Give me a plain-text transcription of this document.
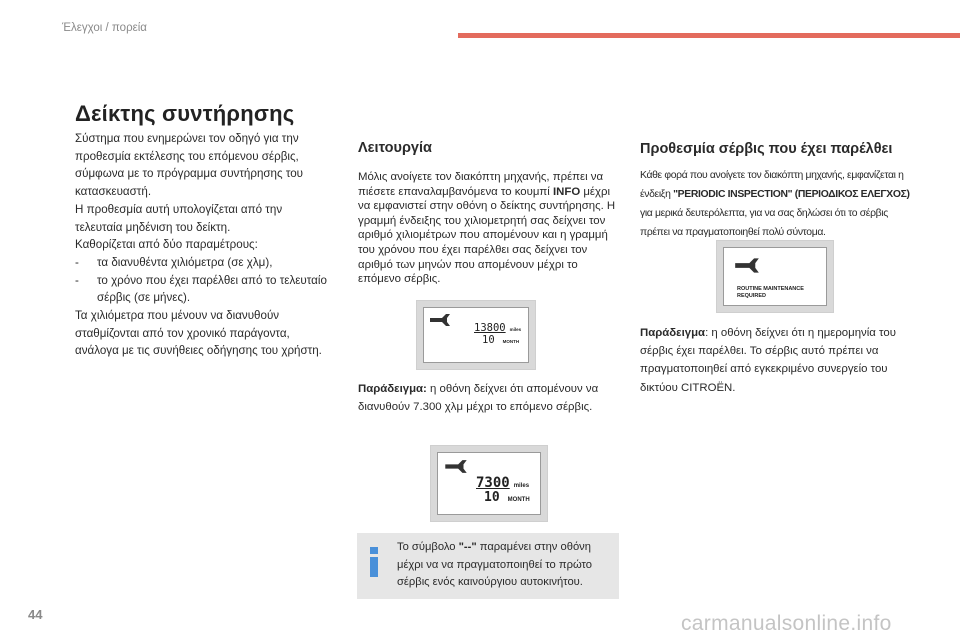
Έλεγχοι / πορεία
Δείκτης συντήρησης

Σύστημα που ενημερώνει τον οδηγό για την προθεσμία εκτέλεσης του επόμενου σέρβις, σύμφωνα με το πρόγραμμα συντήρησης του κατασκευαστή.

Η προθεσμία αυτή υπολογίζεται από την τελευταία μηδένιση του δείκτη.

Καθορίζεται από δύο παραμέτρους:

-	τα διανυθέντα χιλιόμετρα (σε χλμ),
-	το χρόνο που έχει παρέλθει από το τελευταίο σέρβις (σε μήνες).

Τα χιλιόμετρα που μένουν να διανυθούν σταθμίζονται από τον χρονικό παράγοντα, ανάλογα με τις συνήθειες οδήγησης του χρήστη.

Λειτουργία
Μόλις ανοίγετε τον διακόπτη μηχανής, πρέπει να πιέσετε επαναλαμβανόμενα το κουμπί INFO μέχρι να εμφανιστεί στην οθόνη ο δείκτης συντήρησης. Η γραμμή ένδειξης του χιλιομετρητή σας δείχνει τον αριθμό χιλιομέτρων που απομένουν και η γραμμή του χρόνου που έχει παρέλθει σας δείχνει τον αριθμό των μηνών που απομένουν μέχρι το επόμενο σέρβις.
13800 miles
10 MONTH
Παράδειγμα: η οθόνη δείχνει ότι απομένουν να διανυθούν 7.300 χλμ μέχρι το επόμενο σέρβις.
7300 miles
10 MONTH
Το σύμβολο "--" παραμένει στην οθόνη μέχρι να να πραγματοποιηθεί το πρώτο σέρβις ενός καινούργιου αυτοκινήτου.
Προθεσμία σέρβις που έχει παρέλθει
Κάθε φορά που ανοίγετε τον διακόπτη μηχανής, εμφανίζεται η ένδειξη "PERIODIC INSPECTION" (ΠΕΡΙΟΔΙΚΟΣ ΕΛΕΓΧΟΣ) για μερικά δευτερόλεπτα, για να σας δηλώσει ότι το σέρβις πρέπει να πραγματοποιηθεί πολύ σύντομα.
ROUTINE MAINTENANCE
REQUIRED
Παράδειγμα: η οθόνη δείχνει ότι η ημερομηνία του σέρβις έχει παρέλθει. Το σέρβις αυτό πρέπει να πραγματοποιηθεί από εγκεκριμένο συνεργείο του δικτύου CITROËN.
44	carmanualsonline.info
